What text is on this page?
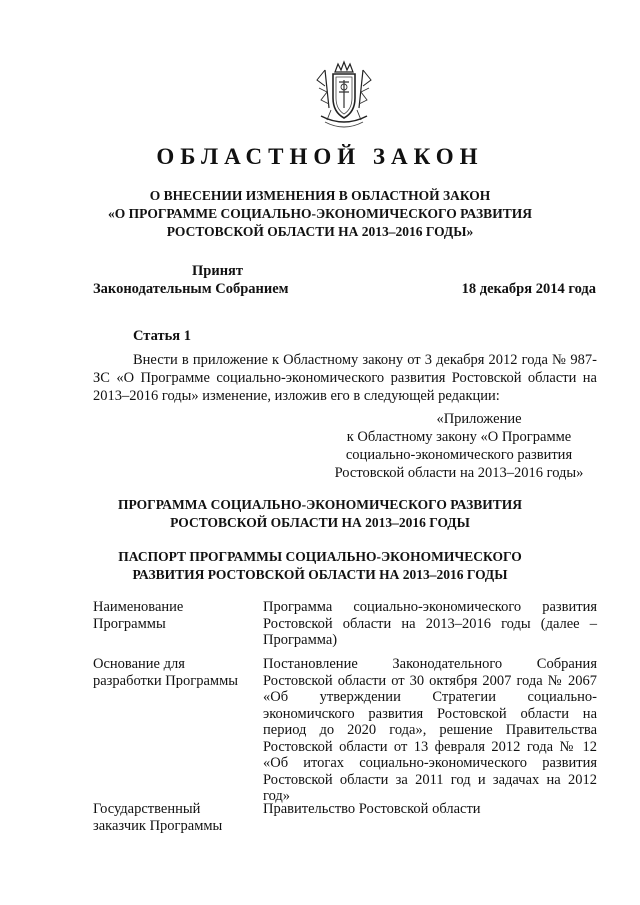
ОБЛАСТНОЙ ЗАКОН
О ВНЕСЕНИИ ИЗМЕНЕНИЯ В ОБЛАСТНОЙ ЗАКОН
«О ПРОГРАММЕ СОЦИАЛЬНО-ЭКОНОМИЧЕСКОГО РАЗВИТИЯ
РОСТОВСКОЙ ОБЛАСТИ НА 2013–2016 ГОДЫ»
Принят
Законодательным Собранием	18 декабря 2014 года
Статья 1
Внести в приложение к Областному закону от 3 декабря 2012 года № 987-ЗС «О Программе социально-экономического развития Ростовской области на 2013–2016 годы» изменение, изложив его в следующей редакции:
«Приложение
к Областному закону «О Программе
социально-экономического развития
Ростовской области на 2013–2016 годы»
ПРОГРАММА СОЦИАЛЬНО-ЭКОНОМИЧЕСКОГО РАЗВИТИЯ
РОСТОВСКОЙ ОБЛАСТИ НА 2013–2016 ГОДЫ
ПАСПОРТ ПРОГРАММЫ СОЦИАЛЬНО-ЭКОНОМИЧЕСКОГО
РАЗВИТИЯ РОСТОВСКОЙ ОБЛАСТИ НА 2013–2016 ГОДЫ
Наименование Программы
Программа социально-экономического развития Ростовской области на 2013–2016 годы (далее – Программа)
Основание для разработки Программы
Постановление Законодательного Собрания Ростовской области от 30 октября 2007 года № 2067 «Об утверждении Стратегии социально-экономичского развития Ростовской области на период до 2020 года», решение Правительства Ростовской области от 13 февраля 2012 года № 12 «Об итогах социально-экономического развития Ростовской области за 2011 год и задачах на 2012 год»
Государственный заказчик Программы
Правительство Ростовской области
